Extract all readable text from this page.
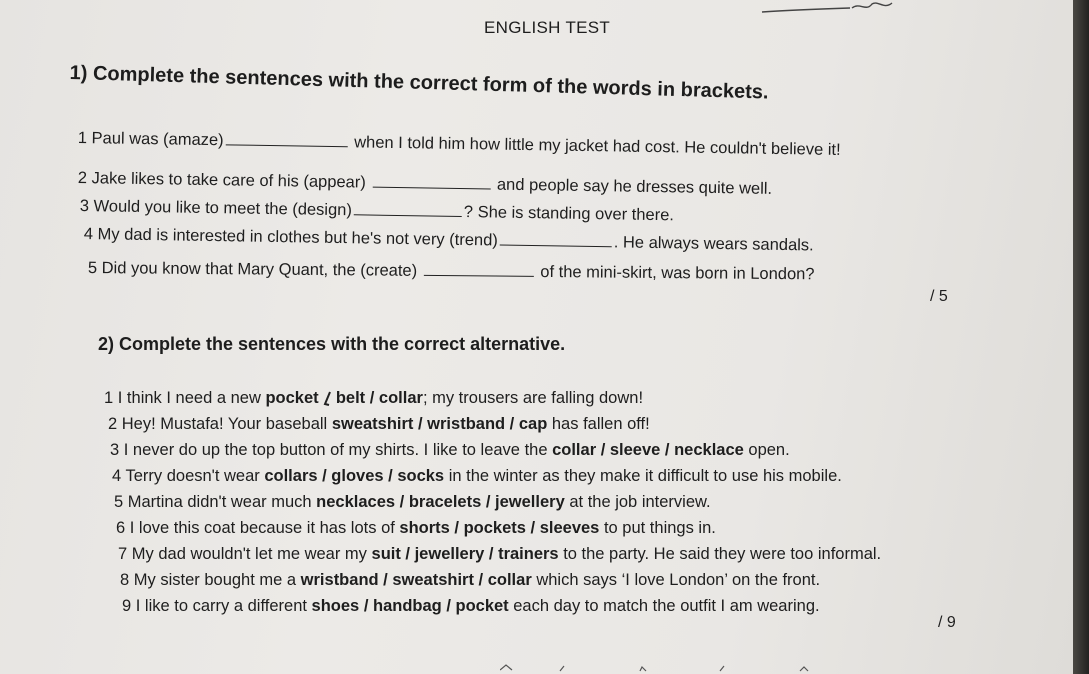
ENGLISH TEST
1) Complete the sentences with the correct form of the words in brackets.
1 Paul was (amaze)	when I told him how little my jacket had cost. He couldn't believe it!
2 Jake likes to take care of his (appear)	and people say he dresses quite well.
3 Would you like to meet the (design)	? She is standing over there.
4 My dad is interested in clothes but he's not very (trend)	. He always wears sandals.
5 Did you know that Mary Quant, the (create)	of the mini-skirt, was born in London?
/ 5
2) Complete the sentences with the correct alternative.
1 I think I need a new pocket  belt / collar; my trousers are falling down!
2 Hey! Mustafa! Your baseball sweatshirt / wristband / cap has fallen off!
3 I never do up the top button of my shirts. I like to leave the collar / sleeve / necklace open.
4 Terry doesn't wear collars / gloves / socks in the winter as they make it difficult to use his mobile.
5 Martina didn't wear much necklaces / bracelets / jewellery at the job interview.
6 I love this coat because it has lots of shorts / pockets / sleeves to put things in.
7 My dad wouldn't let me wear my suit / jewellery / trainers to the party. He said they were too informal.
8 My sister bought me a wristband / sweatshirt / collar which says ‘I love London’ on the front.
9 I like to carry a different shoes / handbag / pocket each day to match the outfit I am wearing.
/ 9
